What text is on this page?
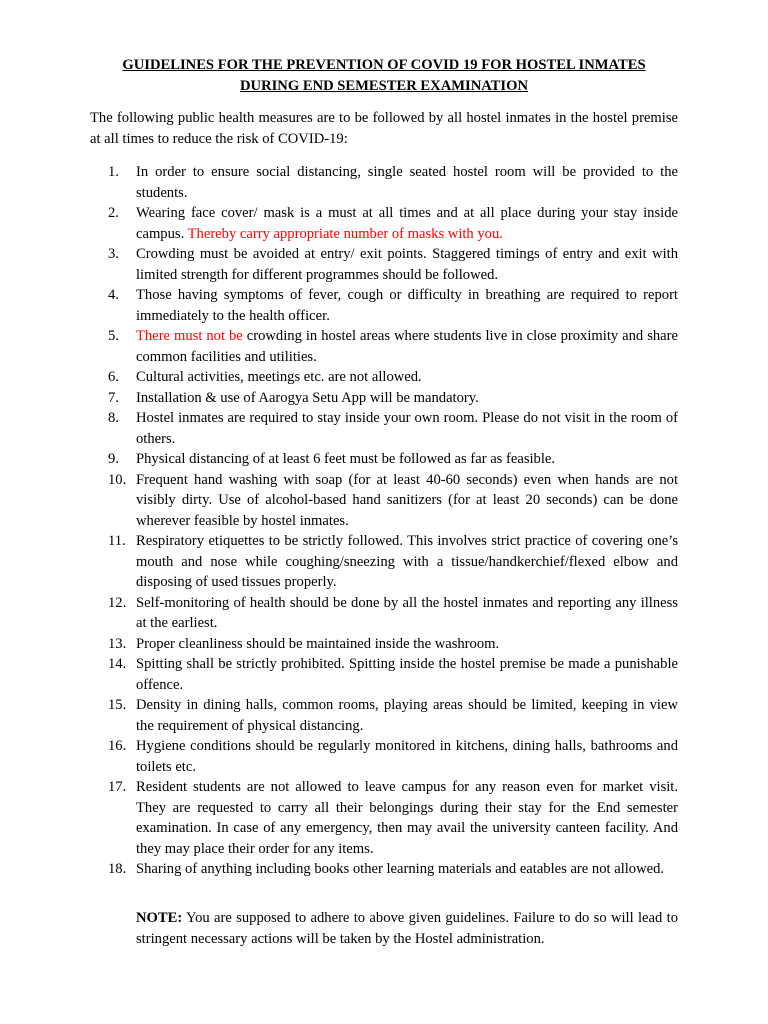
GUIDELINES FOR THE PREVENTION OF COVID 19 FOR HOSTEL INMATES
DURING END SEMESTER EXAMINATION

The following public health measures are to be followed by all hostel inmates in the hostel premise at all times to reduce the risk of COVID-19:

1. In order to ensure social distancing, single seated hostel room will be provided to the students.
2. Wearing face cover/ mask is a must at all times and at all place during your stay inside campus. Thereby carry appropriate number of masks with you.
3. Crowding must be avoided at entry/ exit points. Staggered timings of entry and exit with limited strength for different programmes should be followed.
4. Those having symptoms of fever, cough or difficulty in breathing are required to report immediately to the health officer.
5. There must not be crowding in hostel areas where students live in close proximity and share common facilities and utilities.
6. Cultural activities, meetings etc. are not allowed.
7. Installation & use of Aarogya Setu App will be mandatory.
8. Hostel inmates are required to stay inside your own room. Please do not visit in the room of others.
9. Physical distancing of at least 6 feet must be followed as far as feasible.
10. Frequent hand washing with soap (for at least 40-60 seconds) even when hands are not visibly dirty. Use of alcohol-based hand sanitizers (for at least 20 seconds) can be done wherever feasible by hostel inmates.
11. Respiratory etiquettes to be strictly followed. This involves strict practice of covering one’s mouth and nose while coughing/sneezing with a tissue/handkerchief/flexed elbow and disposing of used tissues properly.
12. Self-monitoring of health should be done by all the hostel inmates and reporting any illness at the earliest.
13. Proper cleanliness should be maintained inside the washroom.
14. Spitting shall be strictly prohibited. Spitting inside the hostel premise be made a punishable offence.
15. Density in dining halls, common rooms, playing areas should be limited, keeping in view the requirement of physical distancing.
16. Hygiene conditions should be regularly monitored in kitchens, dining halls, bathrooms and toilets etc.
17. Resident students are not allowed to leave campus for any reason even for market visit. They are requested to carry all their belongings during their stay for the End semester examination. In case of any emergency, then may avail the university canteen facility. And they may place their order for any items.
18. Sharing of anything including books other learning materials and eatables are not allowed.

NOTE: You are supposed to adhere to above given guidelines. Failure to do so will lead to stringent necessary actions will be taken by the Hostel administration.
